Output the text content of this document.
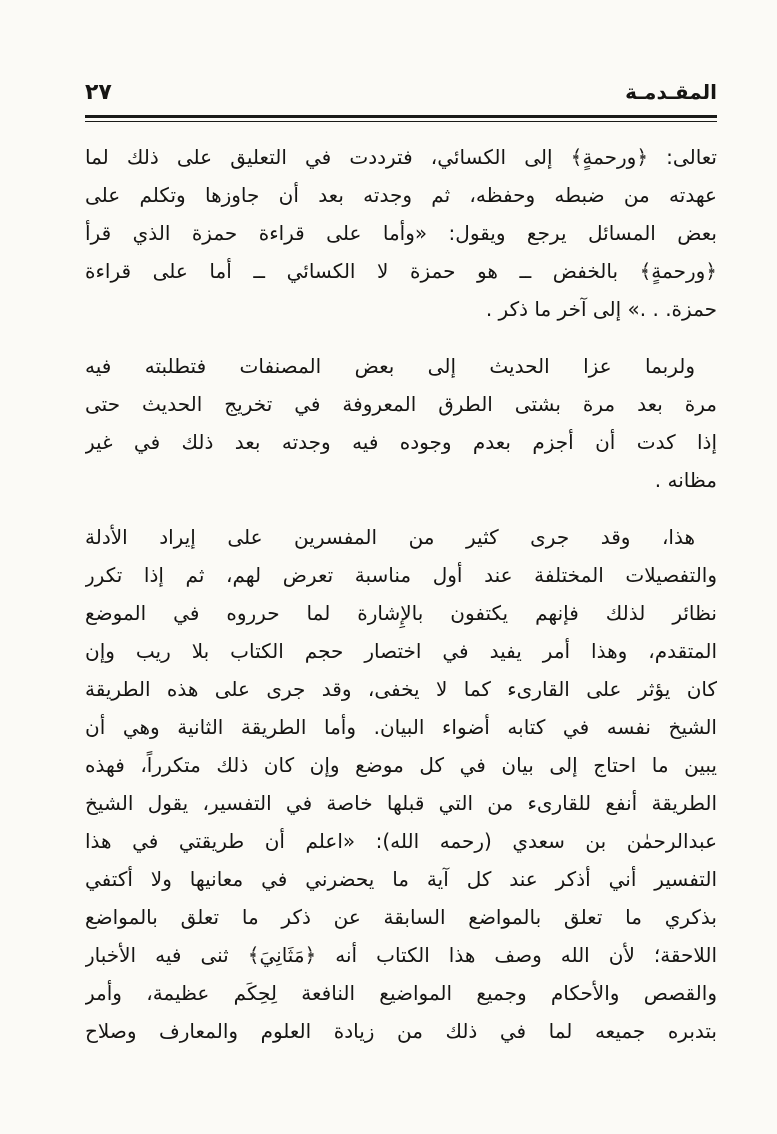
المقـدمـة
٢٧
تعالى: ﴿ورحمةٍ﴾ إلى الكسائي، فترددت في التعليق على ذلك لما
عهدته من ضبطه وحفظه، ثم وجدته بعد أن جاوزها وتكلم على
بعض المسائل يرجع ويقول: «وأما على قراءة حمزة الذي قرأ
﴿ورحمةٍ﴾ بالخفض ــ هو حمزة لا الكسائي ــ أما على قراءة
حمزة. . .» إلى آخر ما ذكر .
ولربما عزا الحديث إلى بعض المصنفات فتطلبته فيه
مرة بعد مرة بشتى الطرق المعروفة في تخريج الحديث حتى
إذا كدت أن أجزم بعدم وجوده فيه وجدته بعد ذلك في غير
مظانه .
هذا، وقد جرى كثير من المفسرين على إيراد الأدلة
والتفصيلات المختلفة عند أول مناسبة تعرض لهم، ثم إذا تكرر
نظائر لذلك فإنهم يكتفون بالإِشارة لما حرروه في الموضع
المتقدم، وهذا أمر يفيد في اختصار حجم الكتاب بلا ريب وإن
كان يؤثر على القارىء كما لا يخفى، وقد جرى على هذه الطريقة
الشيخ نفسه في كتابه أضواء البيان. وأما الطريقة الثانية وهي أن
يبين ما احتاج إلى بيان في كل موضع وإن كان ذلك متكرراً، فهذه
الطريقة أنفع للقارىء من التي قبلها خاصة في التفسير، يقول الشيخ
عبدالرحمٰن بن سعدي (رحمه الله): «اعلم أن طريقتي في هذا
التفسير أني أذكر عند كل آية ما يحضرني في معانيها ولا أكتفي
بذكري ما تعلق بالمواضع السابقة عن ذكر ما تعلق بالمواضع
اللاحقة؛ لأن الله وصف هذا الكتاب أنه ﴿مَثَانِيَ﴾ ثنى فيه الأخبار
والقصص والأحكام وجميع المواضيع النافعة لِحِكَم عظيمة، وأمر
بتدبره جميعه لما في ذلك من زيادة العلوم والمعارف وصلاح
